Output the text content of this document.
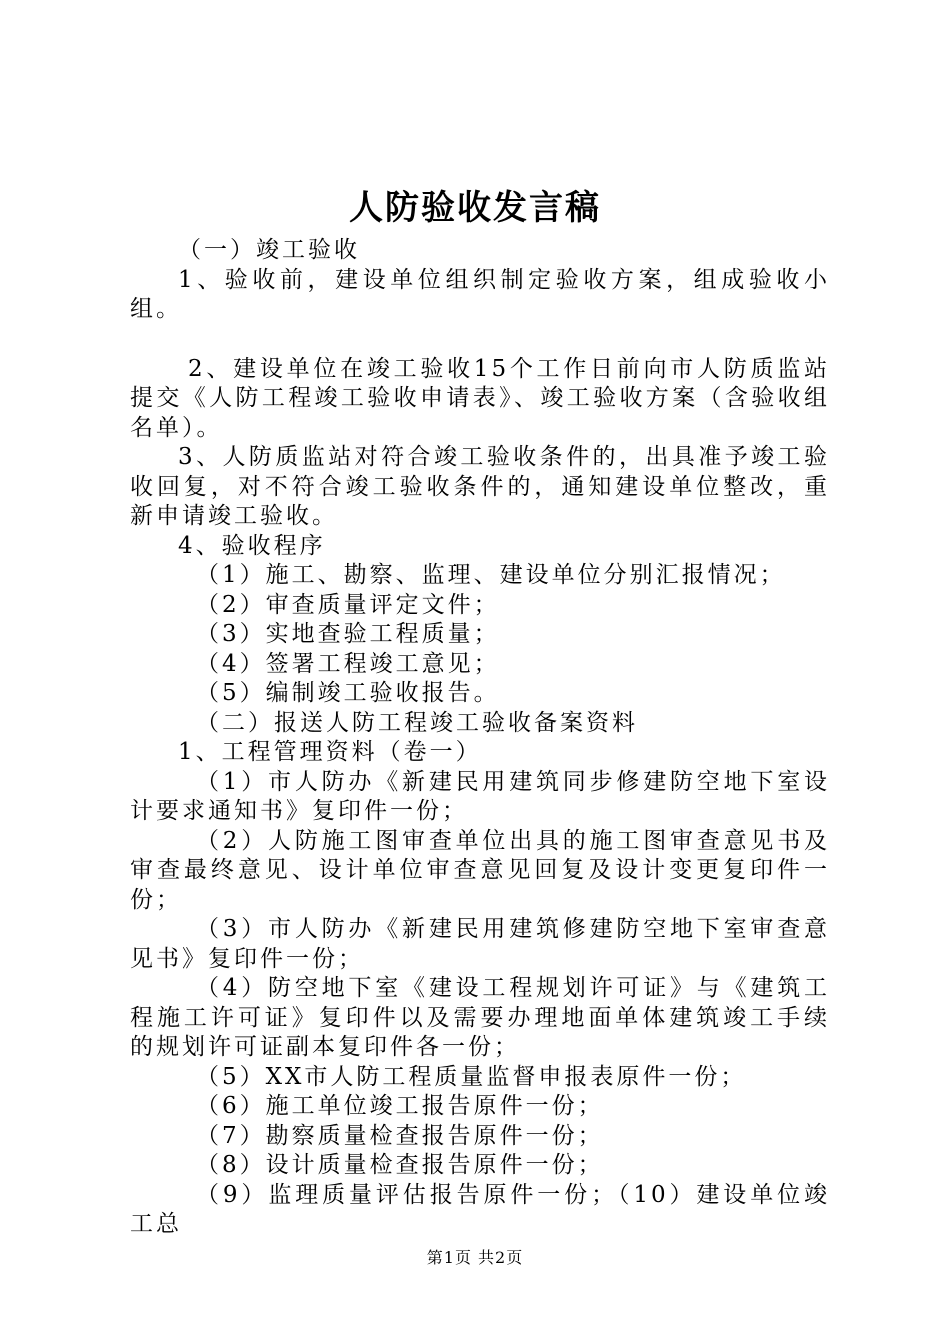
人防验收发言稿

（一）竣工验收

1、验收前，建设单位组织制定验收方案，组成验收小组。

2、建设单位在竣工验收15个工作日前向市人防质监站提交《人防工程竣工验收申请表》、竣工验收方案（含验收组名单）。

3、人防质监站对符合竣工验收条件的，出具准予竣工验收回复，对不符合竣工验收条件的，通知建设单位整改，重新申请竣工验收。

4、验收程序

（1）施工、勘察、监理、建设单位分别汇报情况；

（2）审查质量评定文件；

（3）实地查验工程质量；

（4）签署工程竣工意见；

（5）编制竣工验收报告。

（二）报送人防工程竣工验收备案资料

1、工程管理资料（卷一）

（1）市人防办《新建民用建筑同步修建防空地下室设计要求通知书》复印件一份；

（2）人防施工图审查单位出具的施工图审查意见书及审查最终意见、设计单位审查意见回复及设计变更复印件一份；

（3）市人防办《新建民用建筑修建防空地下室审查意见书》复印件一份；

（4）防空地下室《建设工程规划许可证》与《建筑工程施工许可证》复印件以及需要办理地面单体建筑竣工手续的规划许可证副本复印件各一份；

（5）XX市人防工程质量监督申报表原件一份；

（6）施工单位竣工报告原件一份；

（7）勘察质量检查报告原件一份；

（8）设计质量检查报告原件一份；

（9）监理质量评估报告原件一份；（10）建设单位竣工总

第1页 共2页
